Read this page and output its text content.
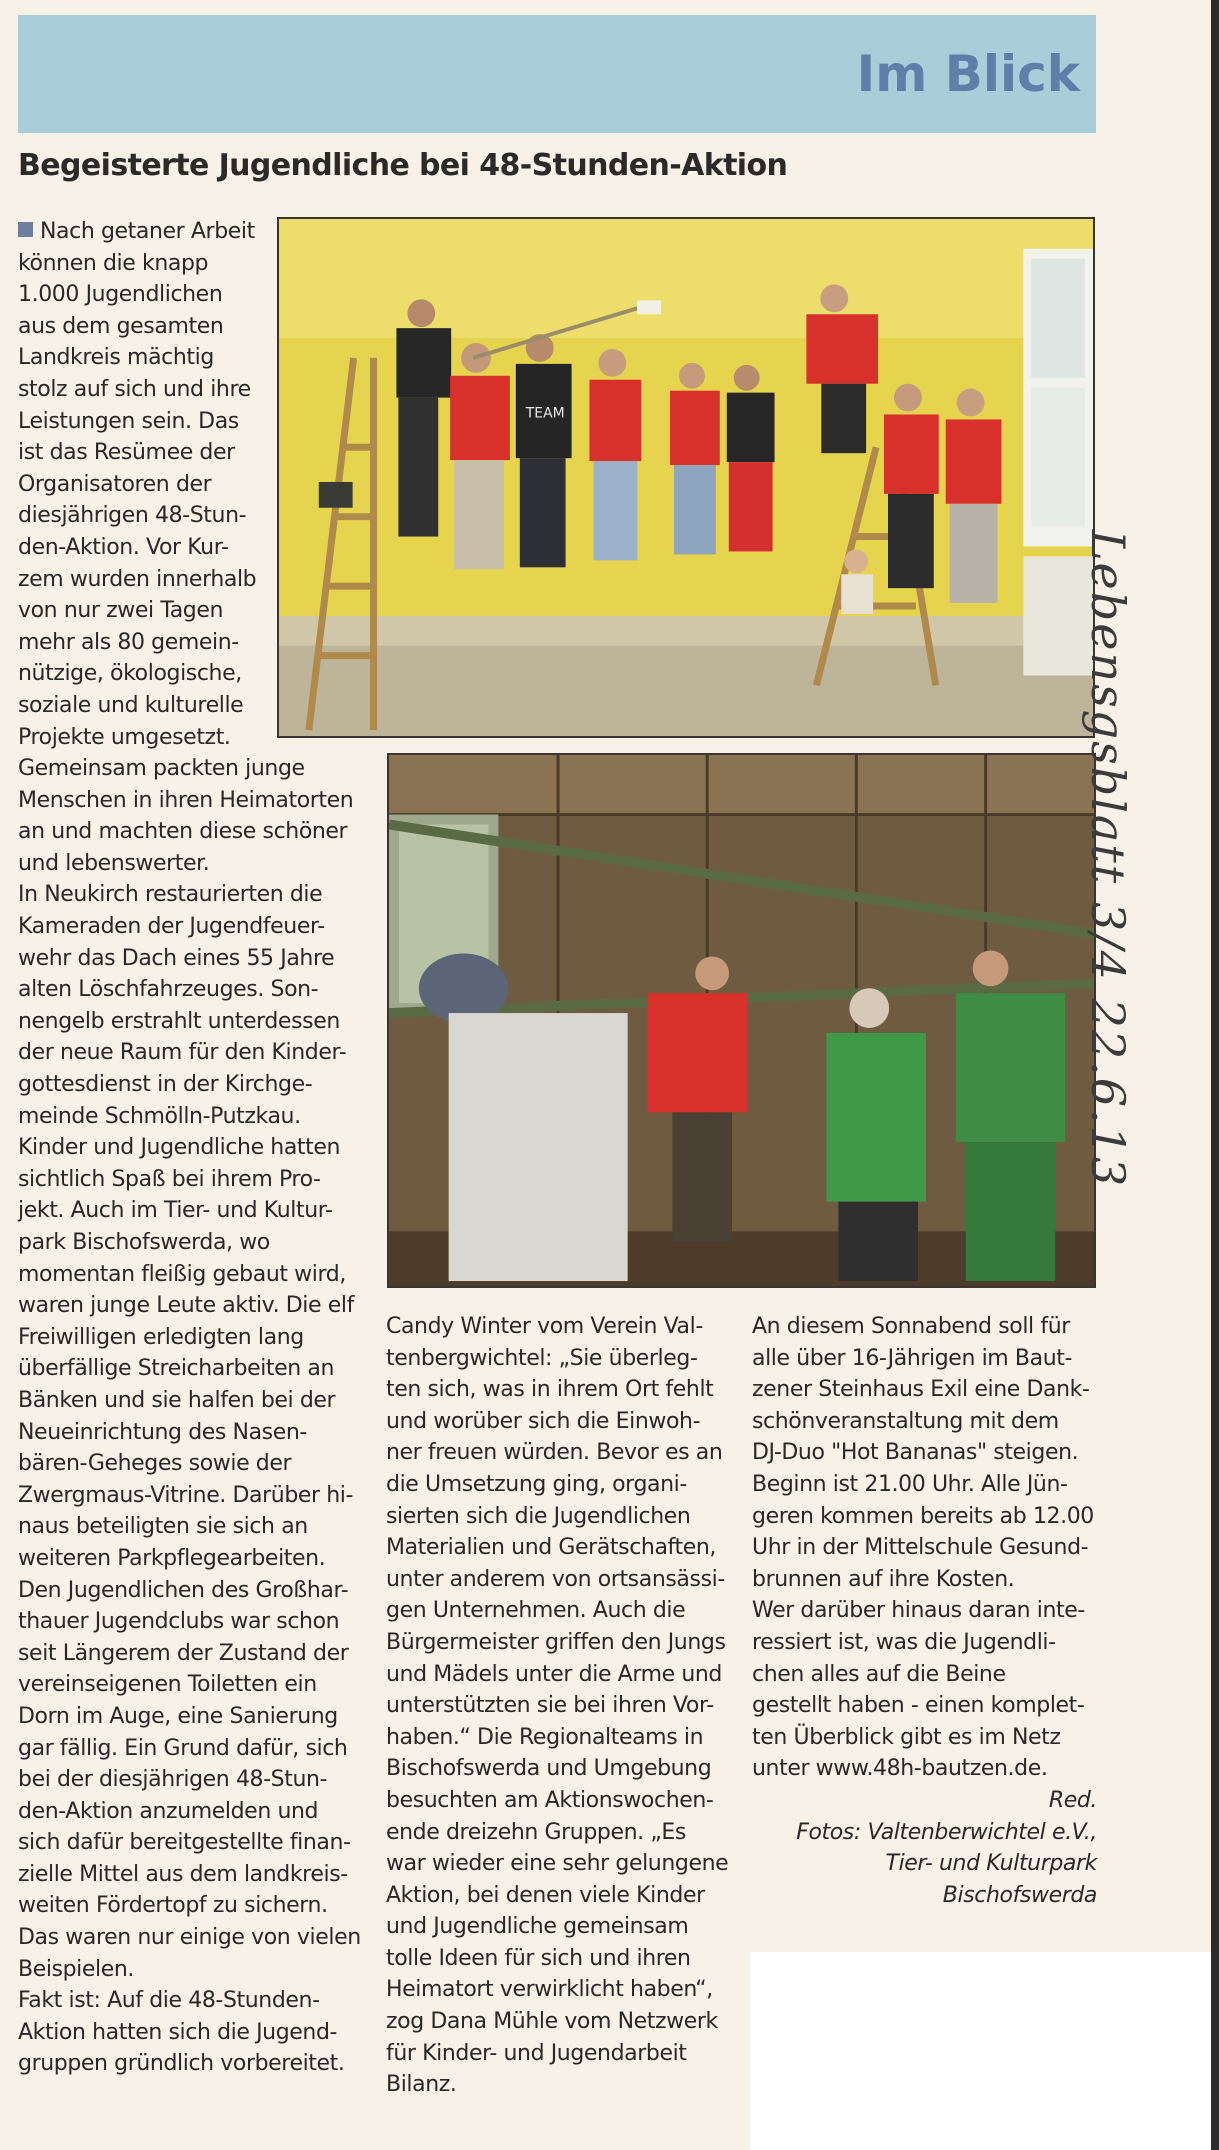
Im Blick
Begeisterte Jugendliche bei 48-Stunden-Aktion
TEAM
Nach getaner Arbeit
können die knapp
1.000 Jugendlichen
aus dem gesamten
Landkreis mächtig
stolz auf sich und ihre
Leistungen sein. Das
ist das Resümee der
Organisatoren der
diesjährigen 48-Stun-
den-Aktion. Vor Kur-
zem wurden innerhalb
von nur zwei Tagen
mehr als 80 gemein-
nützige, ökologische,
soziale und kulturelle
Projekte umgesetzt.
Gemeinsam packten junge
Menschen in ihren Heimatorten
an und machten diese schöner
und lebenswerter.
In Neukirch restaurierten die
Kameraden der Jugendfeuer-
wehr das Dach eines 55 Jahre
alten Löschfahrzeuges. Son-
nengelb erstrahlt unterdessen
der neue Raum für den Kinder-
gottesdienst in der Kirchge-
meinde Schmölln-Putzkau.
Kinder und Jugendliche hatten
sichtlich Spaß bei ihrem Pro-
jekt. Auch im Tier- und Kultur-
park Bischofswerda, wo
momentan fleißig gebaut wird,
waren junge Leute aktiv. Die elf
Freiwilligen erledigten lang
überfällige Streicharbeiten an
Bänken und sie halfen bei der
Neueinrichtung des Nasen-
bären-Geheges sowie der
Zwergmaus-Vitrine. Darüber hi-
naus beteiligten sie sich an
weiteren Parkpflegearbeiten.
Den Jugendlichen des Großhar-
thauer Jugendclubs war schon
seit Längerem der Zustand der
vereinseigenen Toiletten ein
Dorn im Auge, eine Sanierung
gar fällig. Ein Grund dafür, sich
bei der diesjährigen 48-Stun-
den-Aktion anzumelden und
sich dafür bereitgestellte finan-
zielle Mittel aus dem landkreis-
weiten Fördertopf zu sichern.
Das waren nur einige von vielen
Beispielen.
Fakt ist: Auf die 48-Stunden-
Aktion hatten sich die Jugend-
gruppen gründlich vorbereitet.
Candy Winter vom Verein Val-
tenbergwichtel: „Sie überleg-
ten sich, was in ihrem Ort fehlt
und worüber sich die Einwoh-
ner freuen würden. Bevor es an
die Umsetzung ging, organi-
sierten sich die Jugendlichen
Materialien und Gerätschaften,
unter anderem von ortsansässi-
gen Unternehmen. Auch die
Bürgermeister griffen den Jungs
und Mädels unter die Arme und
unterstützten sie bei ihren Vor-
haben.“ Die Regionalteams in
Bischofswerda und Umgebung
besuchten am Aktionswochen-
ende dreizehn Gruppen. „Es
war wieder eine sehr gelungene
Aktion, bei denen viele Kinder
und Jugendliche gemeinsam
tolle Ideen für sich und ihren
Heimatort verwirklicht haben“,
zog Dana Mühle vom Netzwerk
für Kinder- und Jugendarbeit
Bilanz.
An diesem Sonnabend soll für
alle über 16-Jährigen im Baut-
zener Steinhaus Exil eine Dank-
schönveranstaltung mit dem
DJ-Duo "Hot Bananas" steigen.
Beginn ist 21.00 Uhr. Alle Jün-
geren kommen bereits ab 12.00
Uhr in der Mittelschule Gesund-
brunnen auf ihre Kosten.
Wer darüber hinaus daran inte-
ressiert ist, was die Jugendli-
chen alles auf die Beine
gestellt haben - einen komplet-
ten Überblick gibt es im Netz
unter www.48h-bautzen.de.
Red.
Fotos: Valtenberwichtel e.V.,
Tier- und Kulturpark
Bischofswerda
Lebensgsblatt 3/4 22.6.13
